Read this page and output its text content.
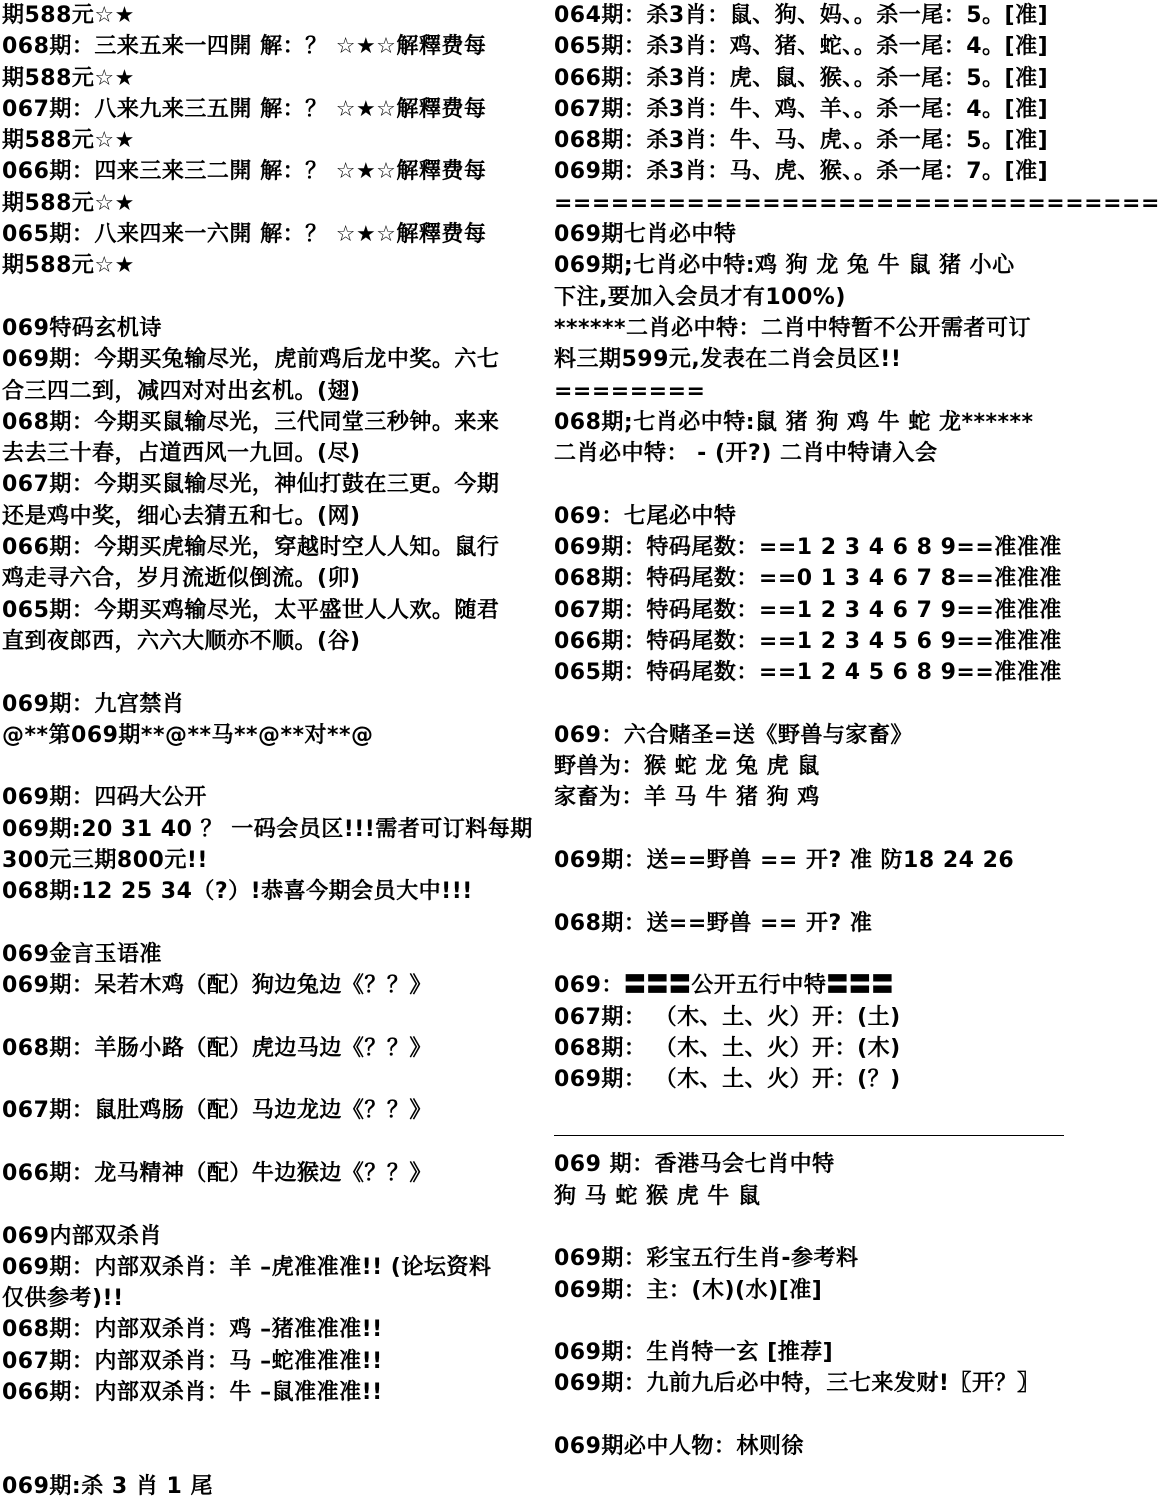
期588元☆★
068期：三来五来一四開 解：？ ☆★☆解釋费每
期588元☆★
067期：八来九来三五開 解：？ ☆★☆解釋费每
期588元☆★
066期：四来三来三二開 解：？ ☆★☆解釋费每
期588元☆★
065期：八来四来一六開 解：？ ☆★☆解釋费每
期588元☆★
069特码玄机诗
069期：今期买兔输尽光，虎前鸡后龙中奖。六七
合三四二到，减四对对出玄机。(翅)
068期：今期买鼠输尽光，三代同堂三秒钟。来来
去去三十春，占道西风一九回。(尽)
067期：今期买鼠输尽光，神仙打鼓在三更。今期
还是鸡中奖，细心去猜五和七。(网)
066期：今期买虎输尽光，穿越时空人人知。鼠行
鸡走寻六合，岁月流逝似倒流。(卯)
065期：今期买鸡输尽光，太平盛世人人欢。随君
直到夜郎西，六六大顺亦不顺。(谷)
069期：九宫禁肖
@**第069期**@**马**@**对**@
069期：四码大公开
069期:20 31 40 ？ 一码会员区!!!需者可订料每期
300元三期800元!!
068期:12 25 34（?）!恭喜今期会员大中!!!
069金言玉语准
069期：呆若木鸡（配）狗边兔边《？？》
068期：羊肠小路（配）虎边马边《？？》
067期：鼠肚鸡肠（配）马边龙边《？？》
066期：龙马精神（配）牛边猴边《？？》
069内部双杀肖
069期：内部双杀肖：羊 –虎准准准!! (论坛资料
仅供参考)!!
068期：内部双杀肖：鸡 –猪准准准!!
067期：内部双杀肖：马 –蛇准准准!!
066期：内部双杀肖：牛 –鼠准准准!!
069期:杀 3 肖 1 尾
064期：杀3肖：鼠、狗、妈、。杀一尾：5。[准]
065期：杀3肖：鸡、猪、蛇、。杀一尾：4。[准]
066期：杀3肖：虎、鼠、猴、。杀一尾：5。[准]
067期：杀3肖：牛、鸡、羊、。杀一尾：4。[准]
068期：杀3肖：牛、马、虎、。杀一尾：5。[准]
069期：杀3肖：马、虎、猴、。杀一尾：7。[准]
================================
069期七肖必中特
069期;七肖必中特:鸡 狗 龙 兔 牛 鼠 猪 小心
下注,要加入会员才有100%)
******二肖必中特：二肖中特暂不公开需者可订
料三期599元,发表在二肖会员区!!
========
068期;七肖必中特:鼠 猪 狗 鸡 牛 蛇 龙******
二肖必中特： - (开?) 二肖中特请入会
069：七尾必中特
069期：特码尾数：==1 2 3 4 6 8 9==准准准
068期：特码尾数：==0 1 3 4 6 7 8==准准准
067期：特码尾数：==1 2 3 4 6 7 9==准准准
066期：特码尾数：==1 2 3 4 5 6 9==准准准
065期：特码尾数：==1 2 4 5 6 8 9==准准准
069：六合赌圣=送《野兽与家畜》
野兽为：猴 蛇 龙 兔 虎 鼠
家畜为：羊 马 牛 猪 狗 鸡
069期：送==野兽 == 开? 准 防18 24 26
068期：送==野兽 == 开? 准
069：〓〓〓公开五行中特〓〓〓
067期： （木、土、火）开：(土)
068期： （木、土、火）开：(木)
069期： （木、土、火）开：(？)
069 期：香港马会七肖中特
狗 马 蛇 猴 虎 牛 鼠
069期：彩宝五行生肖-参考料
069期：主：(木)(水)[准]
069期：生肖特一玄 [推荐]
069期：九前九后必中特，三七来发财!〖开？〗
069期必中人物：林则徐
